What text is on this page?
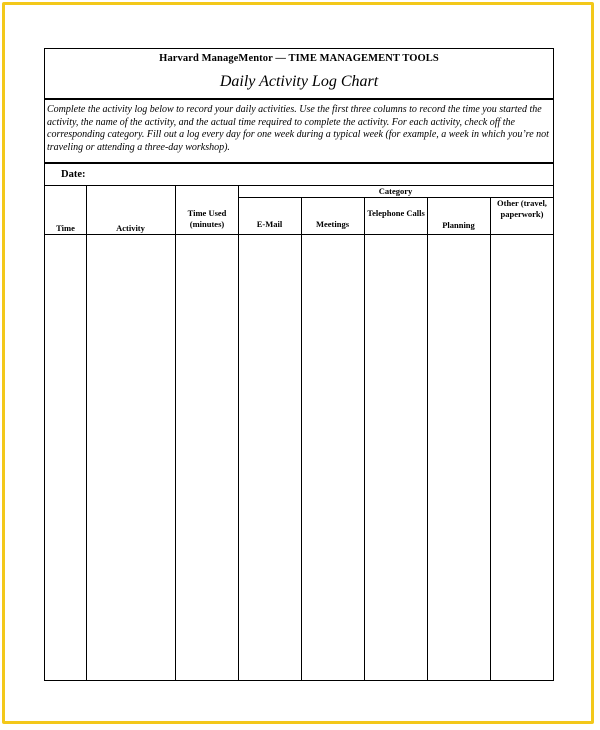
Harvard ManageMentor — TIME MANAGEMENT TOOLS
Daily Activity Log Chart
Complete the activity log below to record your daily activities. Use the first three columns to record the time you started the activity, the name of the activity, and the actual time required to complete the activity. For each activity, check off the corresponding category. Fill out a log every day for one week during a typical week (for example, a week in which you’re not traveling or attending a three-day workshop).
Date:
Time	Activity
Time Used (minutes)
Category
E-Mail	Meetings
Telephone Calls
Planning
Other (travel, paperwork)
